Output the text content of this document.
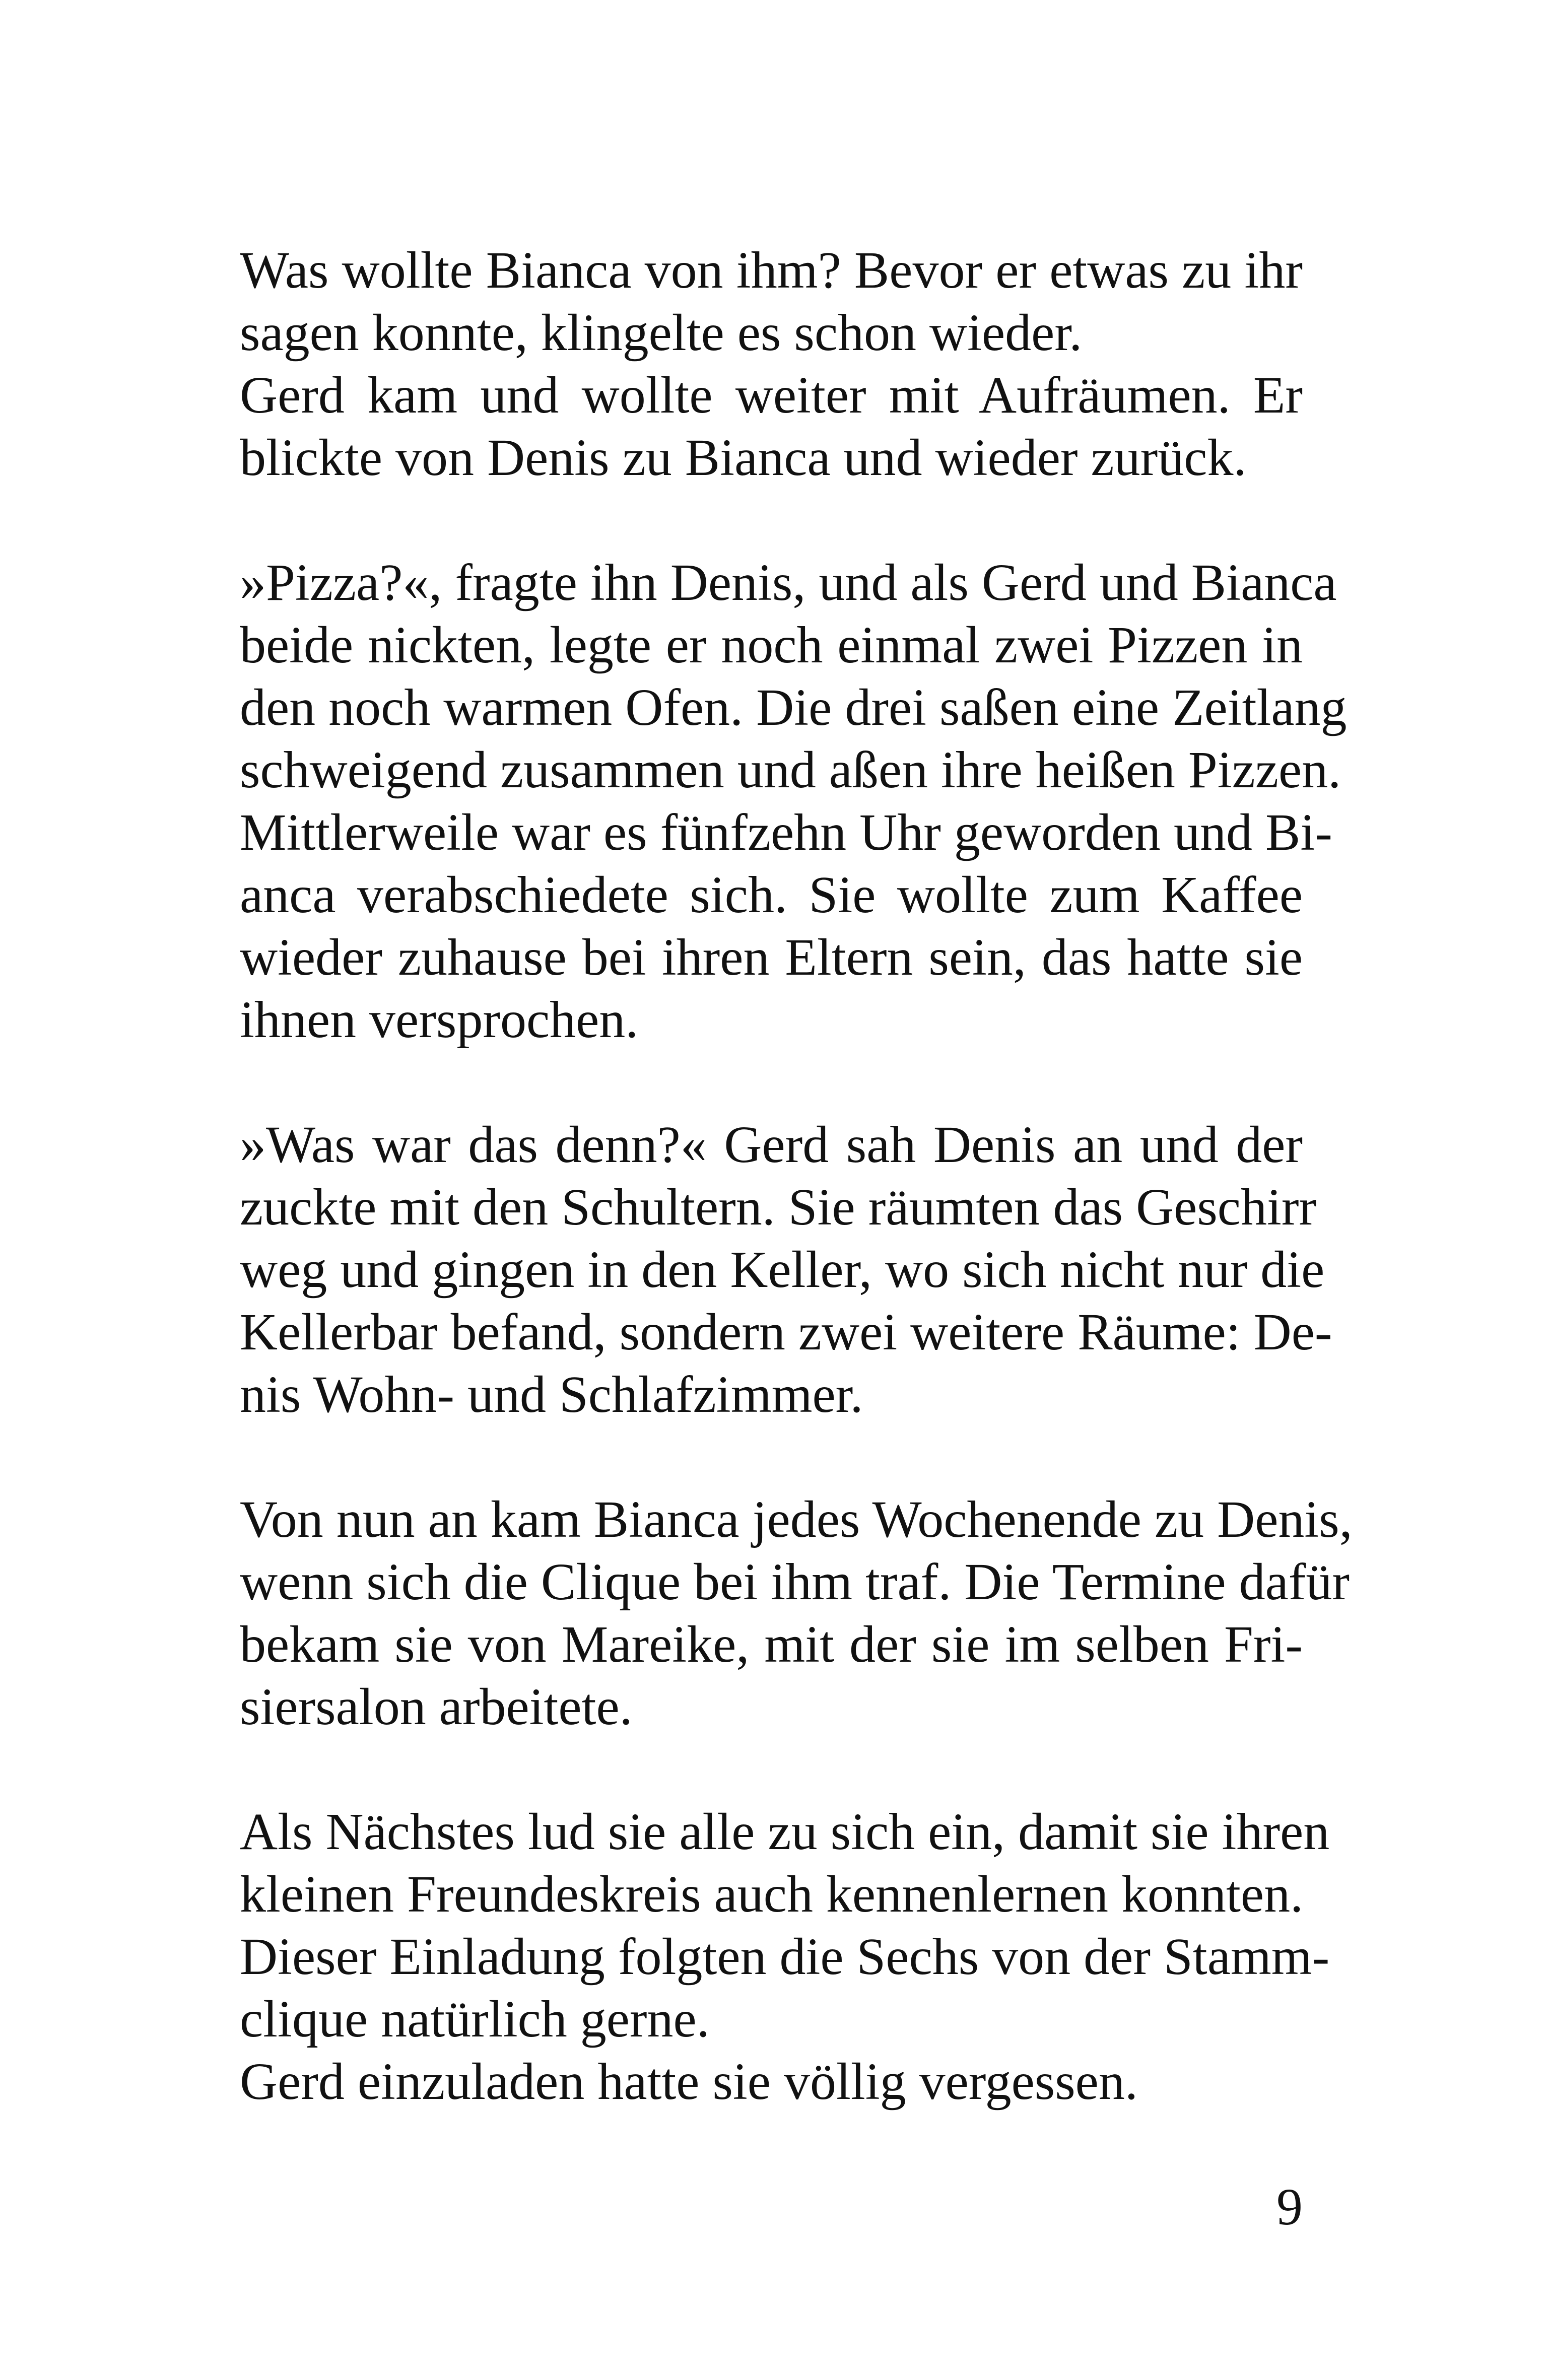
Was wollte Bianca von ihm? Bevor er etwas zu ihr
sagen konnte, klingelte es schon wieder.
Gerd kam und wollte weiter mit Aufräumen. Er
blickte von Denis zu Bianca und wieder zurück.
»Pizza?«, fragte ihn Denis, und als Gerd und Bianca
beide nickten, legte er noch einmal zwei Pizzen in
den noch warmen Ofen. Die drei saßen eine Zeitlang
schweigend zusammen und aßen ihre heißen Pizzen.
Mittlerweile war es fünfzehn Uhr geworden und Bi-
anca verabschiedete sich. Sie wollte zum Kaffee
wieder zuhause bei ihren Eltern sein, das hatte sie
ihnen versprochen.
»Was war das denn?« Gerd sah Denis an und der
zuckte mit den Schultern. Sie räumten das Geschirr
weg und gingen in den Keller, wo sich nicht nur die
Kellerbar befand, sondern zwei weitere Räume: De-
nis Wohn- und Schlafzimmer.
Von nun an kam Bianca jedes Wochenende zu Denis,
wenn sich die Clique bei ihm traf. Die Termine dafür
bekam sie von Mareike, mit der sie im selben Fri-
siersalon arbeitete.
Als Nächstes lud sie alle zu sich ein, damit sie ihren
kleinen Freundeskreis auch kennenlernen konnten.
Dieser Einladung folgten die Sechs von der Stamm-
clique natürlich gerne.
Gerd einzuladen hatte sie völlig vergessen.
9
